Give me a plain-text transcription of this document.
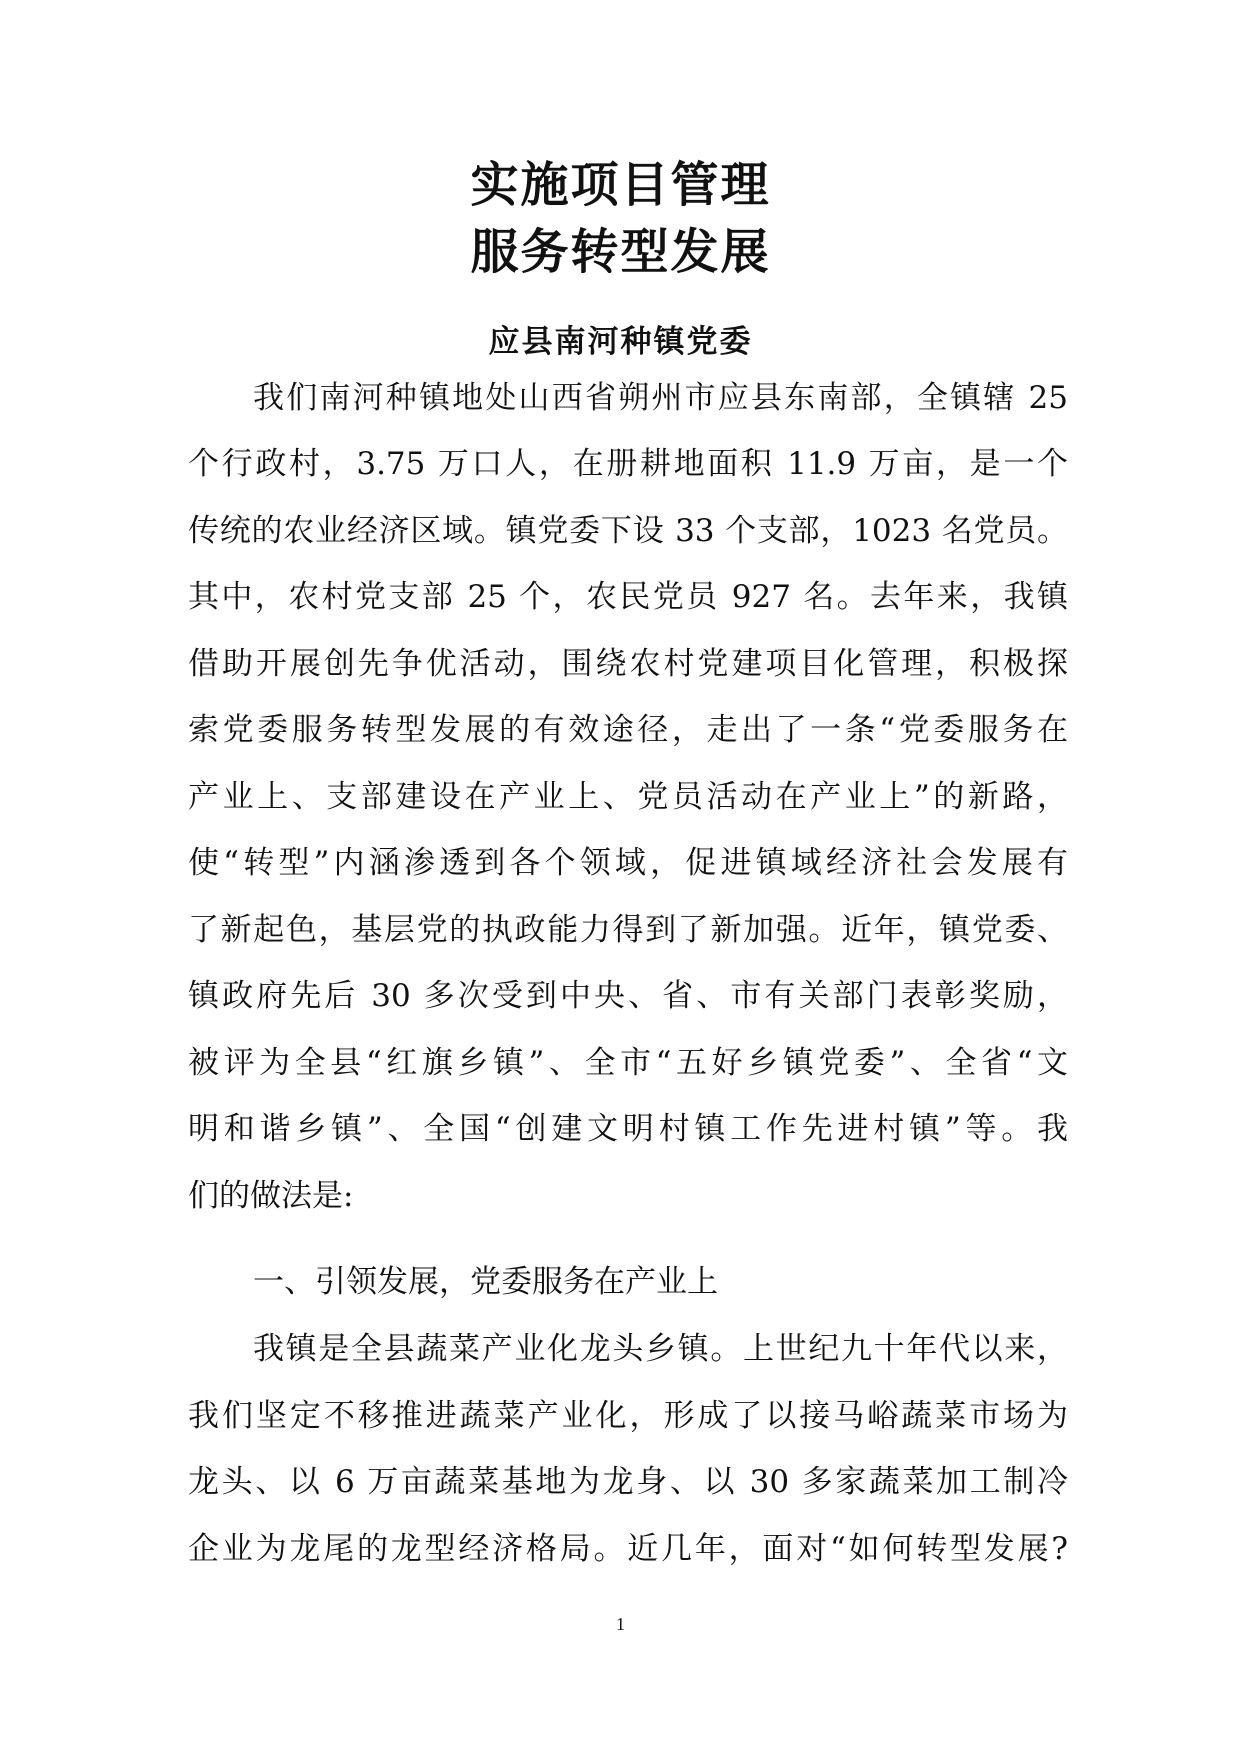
实施项目管理
服务转型发展
应县南河种镇党委
我们南河种镇地处山西省朔州市应县东南部，全镇辖 25
个行政村，3.75 万口人，在册耕地面积 11.9 万亩，是一个
传统的农业经济区域。镇党委下设 33 个支部，1023 名党员。
其中，农村党支部 25 个，农民党员 927 名。去年来，我镇
借助开展创先争优活动，围绕农村党建项目化管理，积极探
索党委服务转型发展的有效途径，走出了一条“党委服务在
产业上、支部建设在产业上、党员活动在产业上”的新路，
使“转型”内涵渗透到各个领域，促进镇域经济社会发展有
了新起色，基层党的执政能力得到了新加强。近年，镇党委、
镇政府先后 30 多次受到中央、省、市有关部门表彰奖励，
被评为全县“红旗乡镇”、全市“五好乡镇党委”、全省“文
明和谐乡镇”、全国“创建文明村镇工作先进村镇”等。我
们的做法是:
一、引领发展，党委服务在产业上
我镇是全县蔬菜产业化龙头乡镇。上世纪九十年代以来，
我们坚定不移推进蔬菜产业化，形成了以接马峪蔬菜市场为
龙头、以 6 万亩蔬菜基地为龙身、以 30 多家蔬菜加工制冷
企业为龙尾的龙型经济格局。近几年，面对“如何转型发展?
1
